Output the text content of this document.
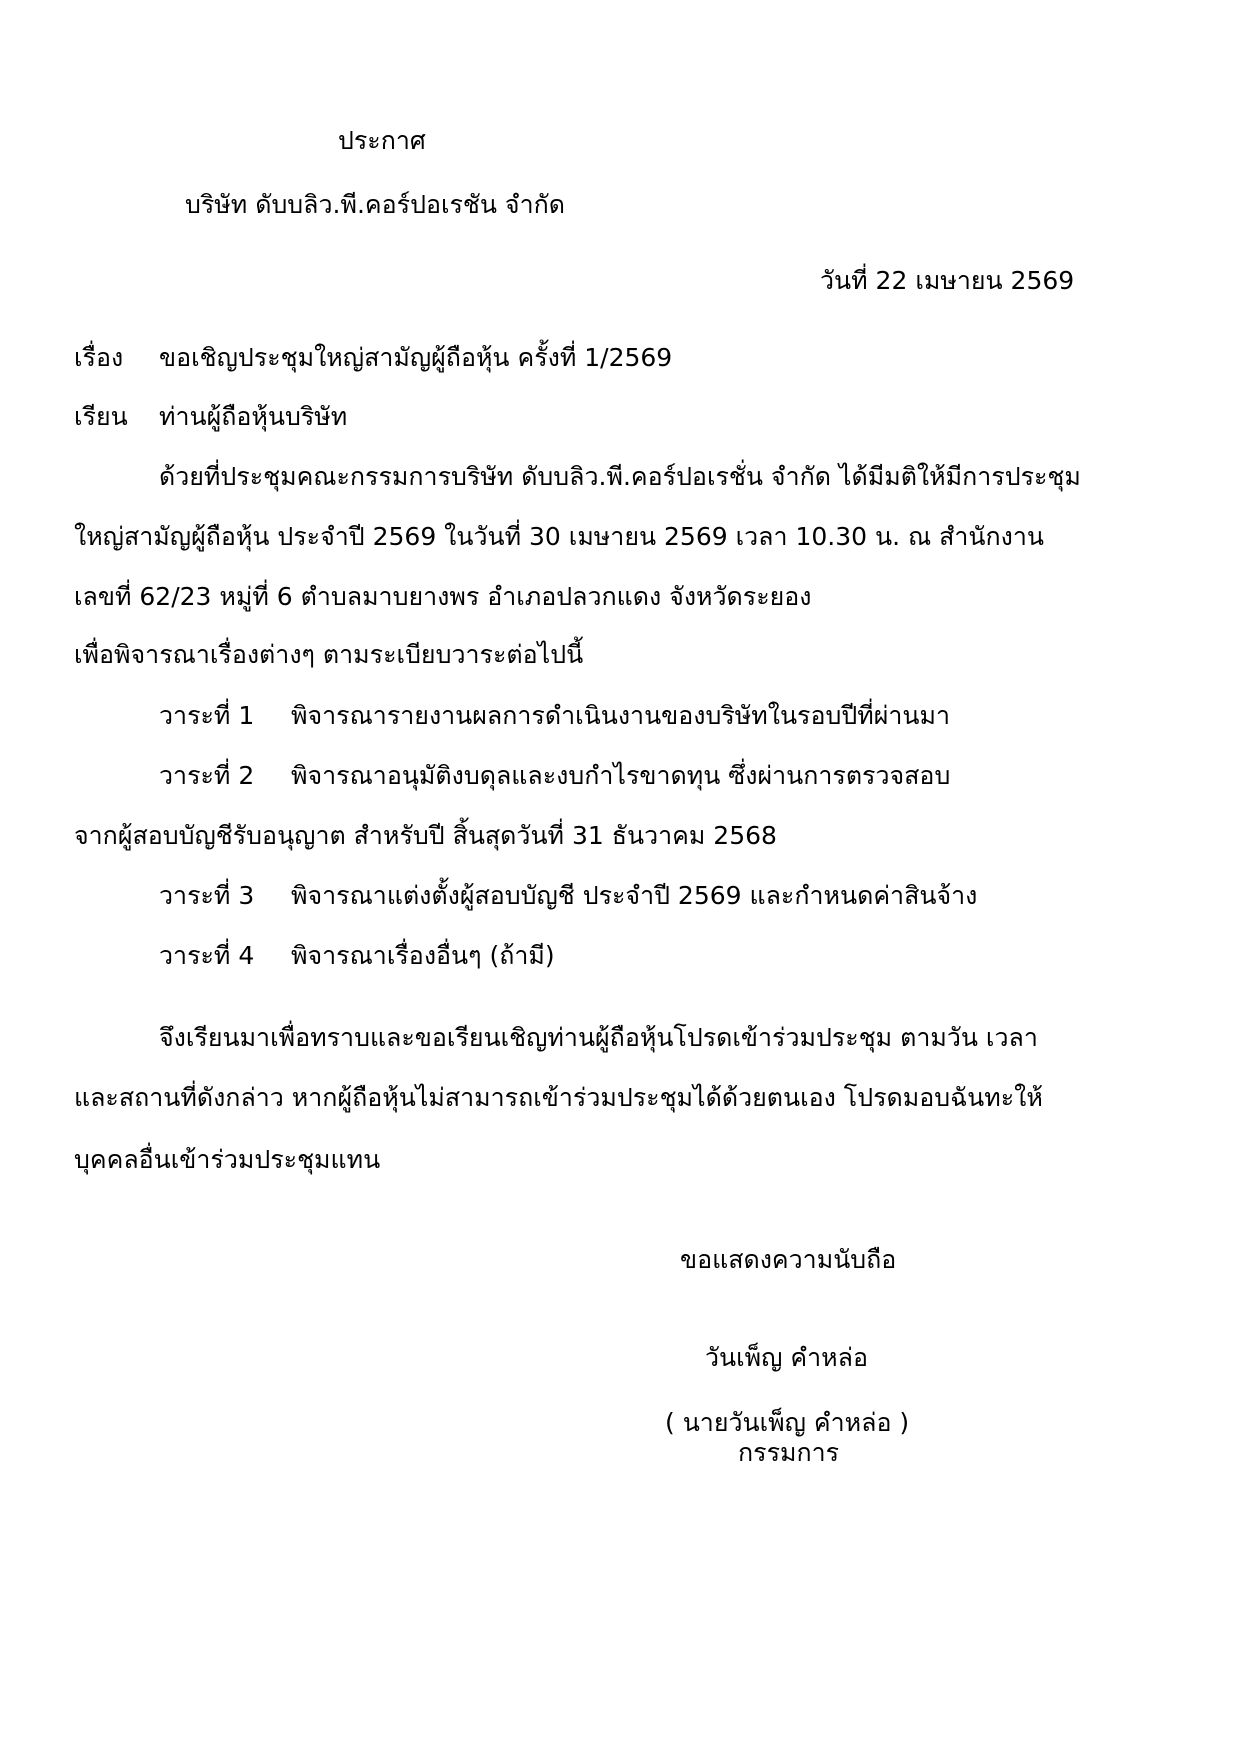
ประกาศ
บริษัท ดับบลิว.พี.คอร์ปอเรชัน จำกัด
วันที่ 22 เมษายน 2569
เรื่อง ขอเชิญประชุมใหญ่สามัญผู้ถือหุ้น ครั้งที่ 1/2569
เรียน ท่านผู้ถือหุ้นบริษัท
ด้วยที่ประชุมคณะกรรมการบริษัท ดับบลิว.พี.คอร์ปอเรชั่น จำกัด ได้มีมติให้มีการประชุม
ใหญ่สามัญผู้ถือหุ้น ประจำปี 2569 ในวันที่ 30 เมษายน 2569 เวลา 10.30 น. ณ สำนักงาน
เลขที่ 62/23 หมู่ที่ 6 ตำบลมาบยางพร อำเภอปลวกแดง จังหวัดระยอง
เพื่อพิจารณาเรื่องต่างๆ ตามระเบียบวาระต่อไปนี้
วาระที่ 1 พิจารณารายงานผลการดำเนินงานของบริษัทในรอบปีที่ผ่านมา
วาระที่ 2 พิจารณาอนุมัติงบดุลและงบกำไรขาดทุน ซึ่งผ่านการตรวจสอบ
จากผู้สอบบัญชีรับอนุญาต สำหรับปี สิ้นสุดวันที่ 31 ธันวาคม 2568
วาระที่ 3 พิจารณาแต่งตั้งผู้สอบบัญชี ประจำปี 2569 และกำหนดค่าสินจ้าง
วาระที่ 4 พิจารณาเรื่องอื่นๆ (ถ้ามี)
จึงเรียนมาเพื่อทราบและขอเรียนเชิญท่านผู้ถือหุ้นโปรดเข้าร่วมประชุม ตามวัน เวลา
และสถานที่ดังกล่าว หากผู้ถือหุ้นไม่สามารถเข้าร่วมประชุมได้ด้วยตนเอง โปรดมอบฉันทะให้
บุคคลอื่นเข้าร่วมประชุมแทน
ขอแสดงความนับถือ
วันเพ็ญ คำหล่อ
( นายวันเพ็ญ คำหล่อ )
กรรมการ
